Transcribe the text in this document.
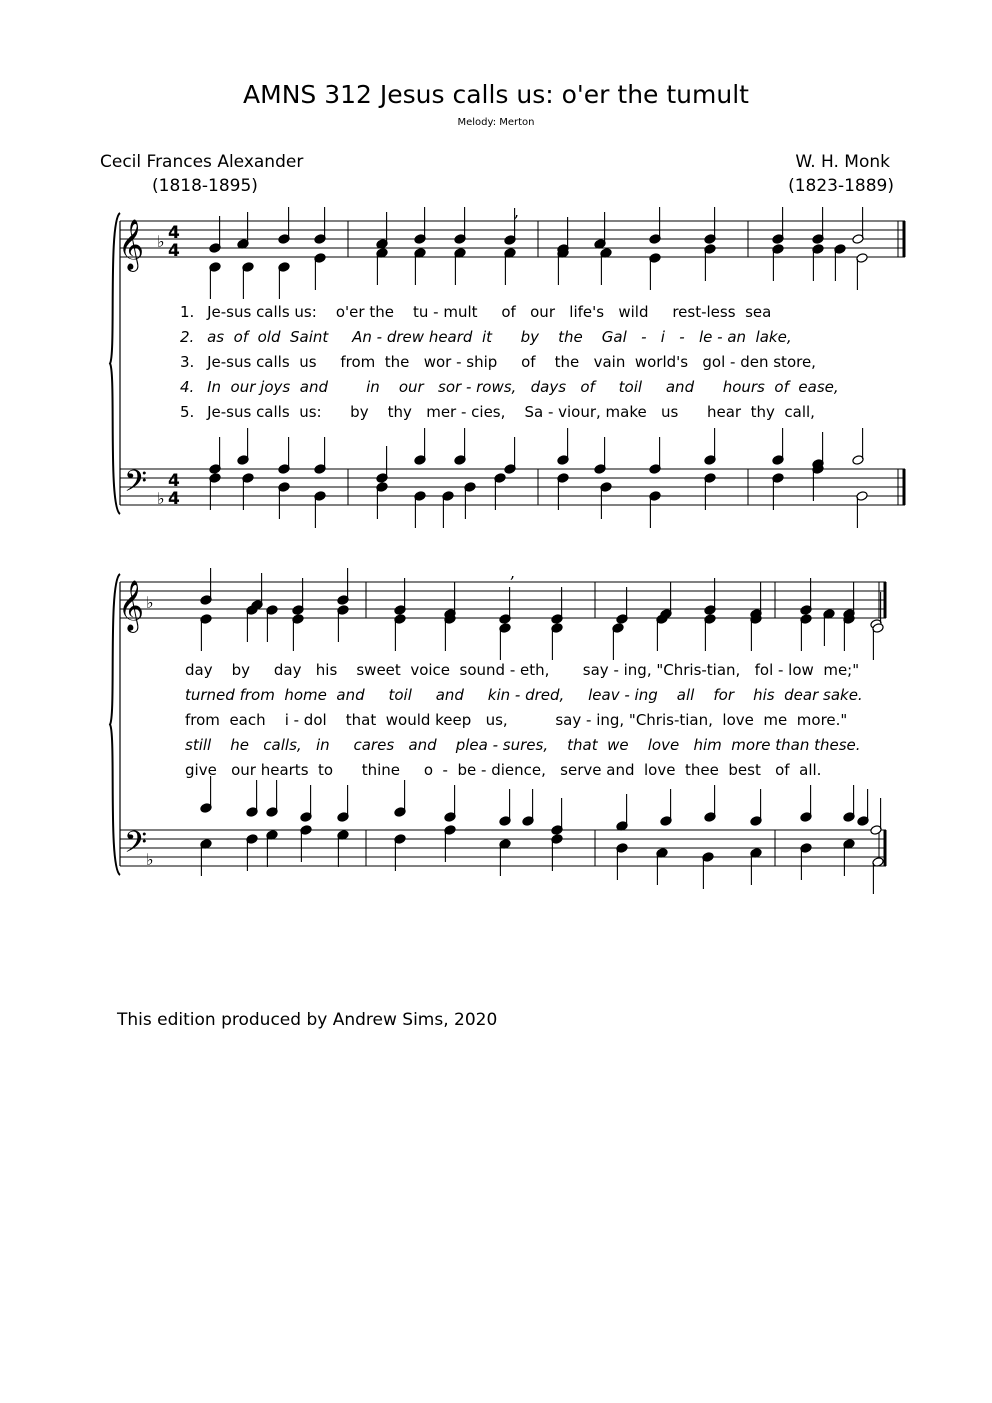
AMNS 312 Jesus calls us: o'er the tumult
Melody: Merton
Cecil Frances Alexander
(1818-1895)
W. H. Monk
(1823-1889)
𝄞
𝄢
♭
♭
4
4
4
4
,
𝄞
𝄢
♭
♭
,
1. Je-sus calls us:    o'er the    tu - mult     of   our   life's   wild     rest-less  sea
2. as  of  old  Saint     An - drew heard  it      by    the    Gal   -   i   -   le - an  lake,
3. Je-sus calls  us     from  the   wor - ship     of    the   vain  world's   gol - den store,
4. In  our joys  and        in    our   sor - rows,   days   of     toil     and      hours  of  ease,
5. Je-sus calls  us:      by    thy   mer - cies,    Sa - viour, make   us      hear  thy  call,
day    by     day   his    sweet  voice  sound - eth,       say - ing, "Chris-tian,   fol - low  me;"
turned from  home  and     toil     and     kin - dred,     leav - ing    all    for    his  dear sake.
from  each    i - dol    that  would keep   us,          say - ing, "Chris-tian,  love  me  more."
still    he   calls,   in     cares   and    plea - sures,    that  we    love   him  more than these.
give   our hearts  to      thine     o  -  be - dience,   serve and  love  thee  best   of  all.
This edition produced by Andrew Sims, 2020
